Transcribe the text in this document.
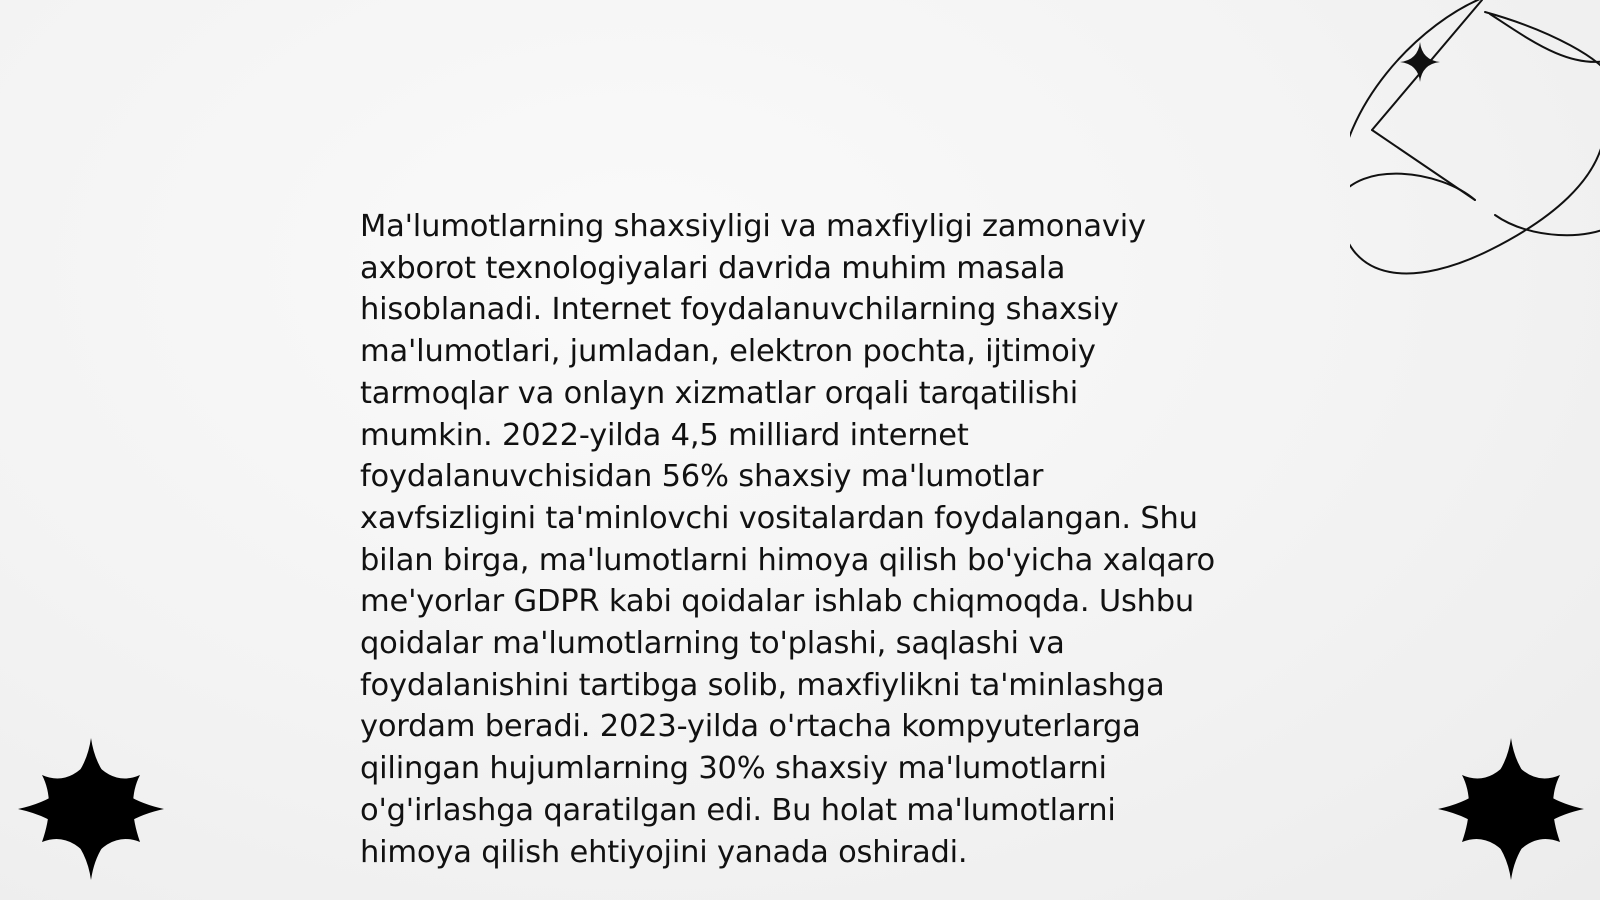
Ma'lumotlarning shaxsiyligi va maxfiyligi zamonaviy axborot texnologiyalari davrida muhim masala hisoblanadi. Internet foydalanuvchilarning shaxsiy ma'lumotlari, jumladan, elektron pochta, ijtimoiy tarmoqlar va onlayn xizmatlar orqali tarqatilishi mumkin. 2022-yilda 4,5 milliard internet foydalanuvchisidan 56% shaxsiy ma'lumotlar xavfsizligini ta'minlovchi vositalardan foydalangan. Shu bilan birga, ma'lumotlarni himoya qilish bo'yicha xalqaro me'yorlar GDPR kabi qoidalar ishlab chiqmoqda. Ushbu qoidalar ma'lumotlarning to'plashi, saqlashi va foydalanishini tartibga solib, maxfiylikni ta'minlashga yordam beradi. 2023-yilda o'rtacha kompyuterlarga qilingan hujumlarning 30% shaxsiy ma'lumotlarni o'g'irlashga qaratilgan edi. Bu holat ma'lumotlarni himoya qilish ehtiyojini yanada oshiradi.
